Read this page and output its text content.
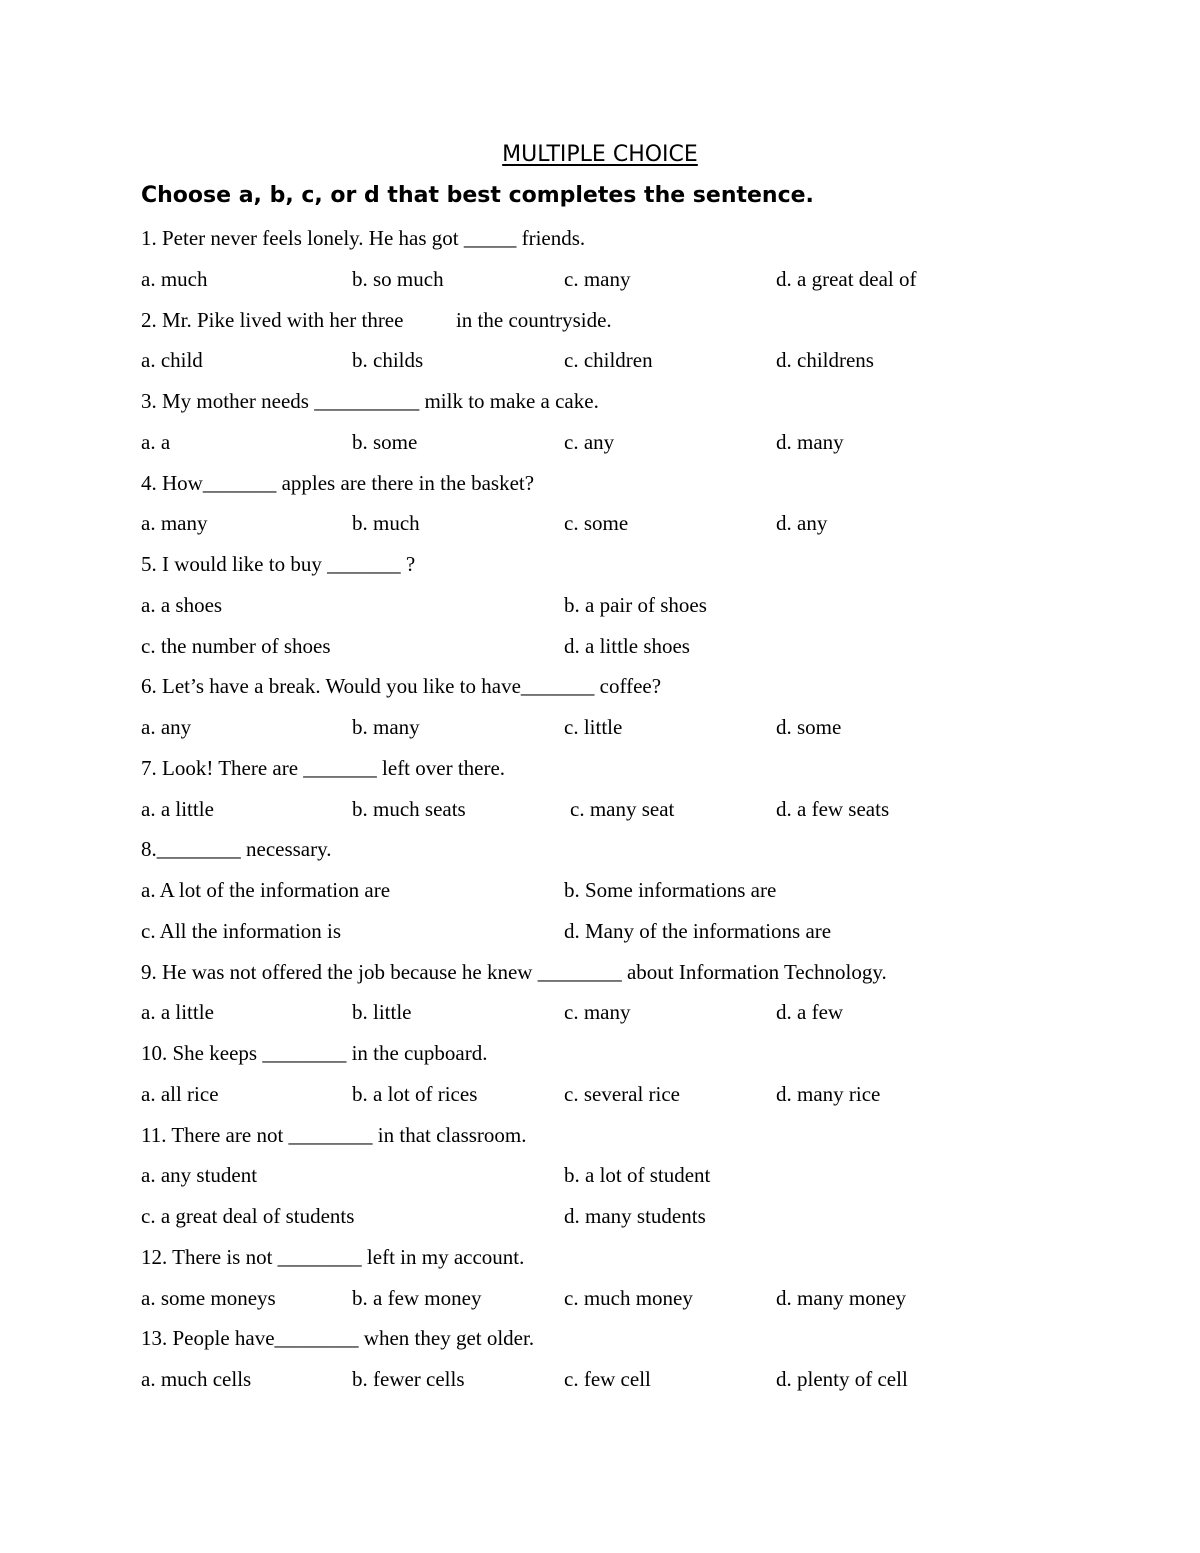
MULTIPLE CHOICE

Choose a, b, c, or d that best completes the sentence.

1. Peter never feels lonely. He has got _____ friends.
a. much	b. so much	c. many	d. a great deal of
2. Mr. Pike lived with her three          in the countryside.
a. child	b. childs	c. children	d. childrens
3. My mother needs __________ milk to make a cake.
a. a	b. some	c. any	d. many
4. How_______ apples are there in the basket?
a. many	b. much	c. some	d. any
5. I would like to buy _______ ?
a. a shoes	b. a pair of shoes
c. the number of shoes	d. a little shoes
6. Let’s have a break. Would you like to have_______ coffee?
a. any	b. many	c. little	d. some
7. Look! There are _______ left over there.
a. a little	b. much seats	c. many seat	d. a few seats
8.________ necessary.
a. A lot of the information are	b. Some informations are
c. All the information is	d. Many of the informations are
9. He was not offered the job because he knew ________ about Information Technology.
a. a little	b. little	c. many	d. a few
10. She keeps ________ in the cupboard.
a. all rice	b. a lot of rices	c. several rice	d. many rice
11. There are not ________ in that classroom.
a. any student	b. a lot of student
c. a great deal of students	d. many students
12. There is not ________ left in my account.
a. some moneys	b. a few money	c. much money	d. many money
13. People have________ when they get older.
a. much cells	b. fewer cells	c. few cell	d. plenty of cell
